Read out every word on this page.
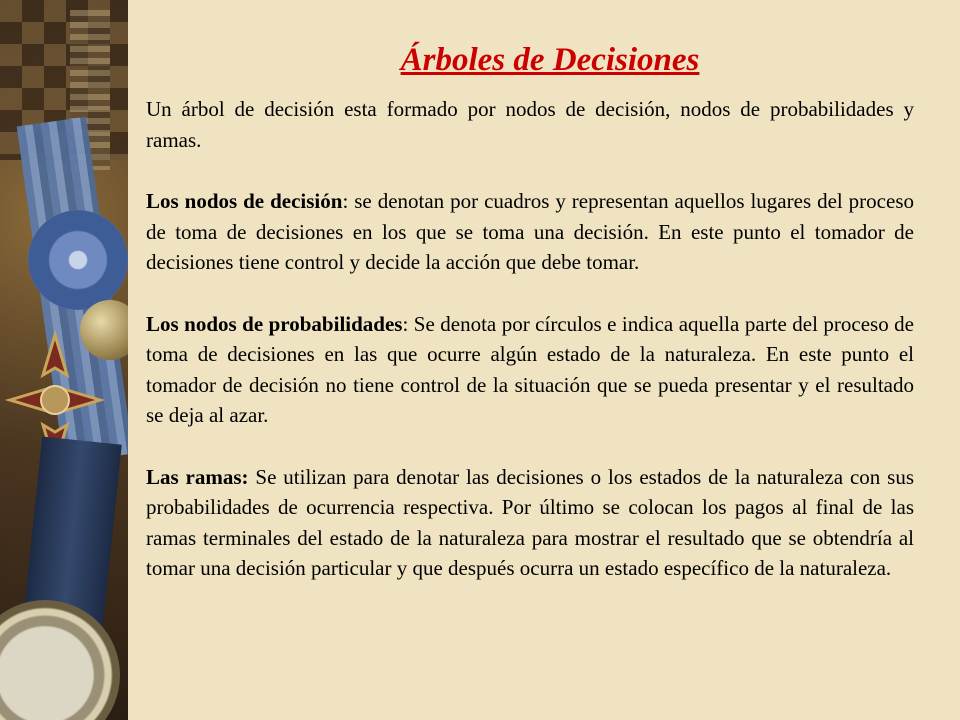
Árboles de Decisiones

Un árbol de decisión esta formado por nodos de decisión, nodos de probabilidades y ramas.

Los nodos de decisión: se denotan por cuadros y representan aquellos lugares del proceso de toma de decisiones en los que se toma una decisión. En este punto el tomador de decisiones tiene control y decide la acción que debe tomar.

Los nodos de probabilidades: Se denota por círculos e indica aquella parte del proceso de toma de decisiones en las que ocurre algún estado de la naturaleza. En este punto el tomador de decisión no tiene control de la situación que se pueda presentar y el resultado se deja al azar.

Las ramas: Se utilizan para denotar las decisiones o los estados de la naturaleza con sus probabilidades de ocurrencia respectiva. Por último se colocan los pagos al final de las ramas terminales del estado de la naturaleza para mostrar el resultado que se obtendría al tomar una decisión particular y que después ocurra un estado específico de la naturaleza.
